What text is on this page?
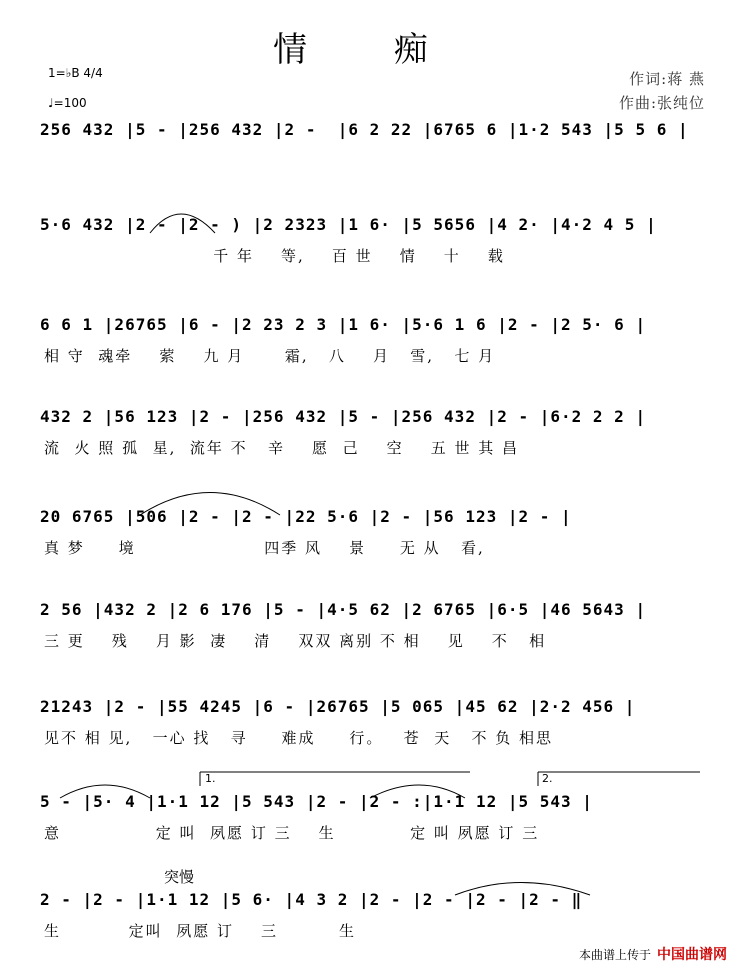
情 痴
1=♭B 4/4
♩=100
作词:蒋 燕
作曲:张纯位
256 432 |5 - |256 432 |2 -  |6 2 22 |6765 6 |1·2 543 |5 5 6 |
5·6 432 |2 - |2 - ) |2 2323 |1 6· |5 5656 |4 2· |4·2 4 5 |
千 年    等,    百 世    情    十    载
6 6 1 |26765 |6 - |2 23 2 3 |1 6· |5·6 1 6 |2 - |2 5· 6 |
相 守  魂牵    萦    九 月      霜,   八    月   雪,   七 月
432 2 |56 123 |2 - |256 432 |5 - |256 432 |2 - |6·2 2 2 |
流  火 照 孤  星,  流年 不   辛    愿  己    空    五 世 其 昌
20 6765 |506 |2 - |2 - |22 5·6 |2 - |56 123 |2 - |
真 梦     境                   四季 风    景     无 从   看,
2 56 |432 2 |2 6 176 |5 - |4·5 62 |2 6765 |6·5 |46 5643 |
三 更    残    月 影  凄    清    双双 离别 不 相    见    不   相
21243 |2 - |55 4245 |6 - |26765 |5 065 |45 62 |2·2 456 |
见不 相 见,   一心 找   寻     难成     行。   苍  天   不 负 相思
1.	2.
5 - |5· 4 |1·1 12 |5 543 |2 - |2 - :|1·1 12 |5 543 |
意              定 叫  夙愿 订 三    生           定 叫 夙愿 订 三
突慢
2 - |2 - |1·1 12 |5 6· |4 3 2 |2 - |2 - |2 - |2 - ‖
生          定叫  夙愿 订    三         生
本曲谱上传于 中国曲谱网
